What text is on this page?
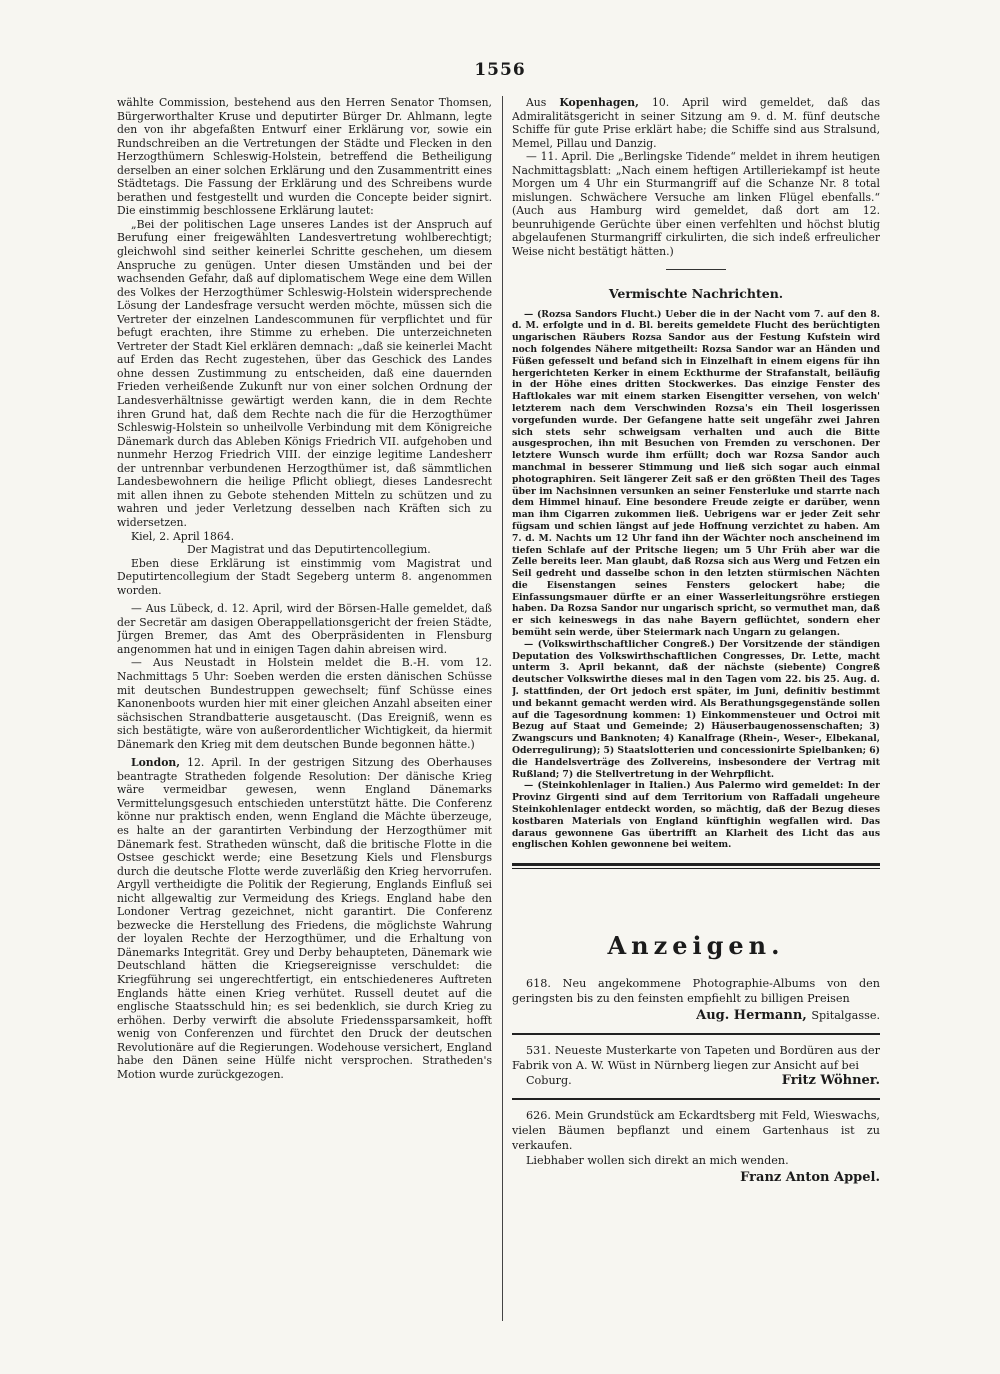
1556

wählte Commission, bestehend aus den Herren Senator Thomsen, Bürgerworthalter Kruse und deputirter Bürger Dr. Ahlmann, legte den von ihr abgefaßten Entwurf einer Erklärung vor, sowie ein Rundschreiben an die Vertretungen der Städte und Flecken in den Herzogthümern Schleswig-Holstein, betreffend die Betheiligung derselben an einer solchen Erklärung und den Zusammentritt eines Städtetags. Die Fassung der Erklärung und des Schreibens wurde berathen und festgestellt und wurden die Concepte beider signirt. Die einstimmig beschlossene Erklärung lautet:

„Bei der politischen Lage unseres Landes ist der Anspruch auf Berufung einer freigewählten Landesvertretung wohlberechtigt; gleichwohl sind seither keinerlei Schritte geschehen, um diesem Anspruche zu genügen. Unter diesen Umständen und bei der wachsenden Gefahr, daß auf diplomatischem Wege eine dem Willen des Volkes der Herzogthümer Schleswig-Holstein widersprechende Lösung der Landesfrage versucht werden möchte, müssen sich die Vertreter der einzelnen Landescommunen für verpflichtet und für befugt erachten, ihre Stimme zu erheben. Die unterzeichneten Vertreter der Stadt Kiel erklären demnach: „daß sie keinerlei Macht auf Erden das Recht zugestehen, über das Geschick des Landes ohne dessen Zustimmung zu entscheiden, daß eine dauernden Frieden verheißende Zukunft nur von einer solchen Ordnung der Landesverhältnisse gewärtigt werden kann, die in dem Rechte ihren Grund hat, daß dem Rechte nach die für die Herzogthümer Schleswig-Holstein so unheilvolle Verbindung mit dem Königreiche Dänemark durch das Ableben Königs Friedrich VII. aufgehoben und nunmehr Herzog Friedrich VIII. der einzige legitime Landesherr der untrennbar verbundenen Herzogthümer ist, daß sämmtlichen Landesbewohnern die heilige Pflicht obliegt, dieses Landesrecht mit allen ihnen zu Gebote stehenden Mitteln zu schützen und zu wahren und jeder Verletzung desselben nach Kräften sich zu widersetzen.

Kiel, 2. April 1864.

Der Magistrat und das Deputirtencollegium.

Eben diese Erklärung ist einstimmig vom Magistrat und Deputirtencollegium der Stadt Segeberg unterm 8. angenommen worden.

— Aus Lübeck, d. 12. April, wird der Börsen-Halle gemeldet, daß der Secretär am dasigen Oberappellationsgericht der freien Städte, Jürgen Bremer, das Amt des Oberpräsidenten in Flensburg angenommen hat und in einigen Tagen dahin abreisen wird.

— Aus Neustadt in Holstein meldet die B.-H. vom 12. Nachmittags 5 Uhr: Soeben werden die ersten dänischen Schüsse mit deutschen Bundestruppen gewechselt; fünf Schüsse eines Kanonenboots wurden hier mit einer gleichen Anzahl abseiten einer sächsischen Strandbatterie ausgetauscht. (Das Ereigniß, wenn es sich bestätigte, wäre von außerordentlicher Wichtigkeit, da hiermit Dänemark den Krieg mit dem deutschen Bunde begonnen hätte.)

London, 12. April. In der gestrigen Sitzung des Oberhauses beantragte Stratheden folgende Resolution: Der dänische Krieg wäre vermeidbar gewesen, wenn England Dänemarks Vermittelungsgesuch entschieden unterstützt hätte. Die Conferenz könne nur praktisch enden, wenn England die Mächte überzeuge, es halte an der garantirten Verbindung der Herzogthümer mit Dänemark fest. Stratheden wünscht, daß die britische Flotte in die Ostsee geschickt werde; eine Besetzung Kiels und Flensburgs durch die deutsche Flotte werde zuverläßig den Krieg hervorrufen. Argyll vertheidigte die Politik der Regierung, Englands Einfluß sei nicht allgewaltig zur Vermeidung des Kriegs. England habe den Londoner Vertrag gezeichnet, nicht garantirt. Die Conferenz bezwecke die Herstellung des Friedens, die möglichste Wahrung der loyalen Rechte der Herzogthümer, und die Erhaltung von Dänemarks Integrität. Grey und Derby behaupteten, Dänemark wie Deutschland hätten die Kriegsereignisse verschuldet: die Kriegführung sei ungerechtfertigt, ein entschiedeneres Auftreten Englands hätte einen Krieg verhütet. Russell deutet auf die englische Staatsschuld hin; es sei bedenklich, sie durch Krieg zu erhöhen. Derby verwirft die absolute Friedenssparsamkeit, hofft wenig von Conferenzen und fürchtet den Druck der deutschen Revolutionäre auf die Regierungen. Wodehouse versichert, England habe den Dänen seine Hülfe nicht versprochen. Stratheden's Motion wurde zurückgezogen.

Aus Kopenhagen, 10. April wird gemeldet, daß das Admiralitätsgericht in seiner Sitzung am 9. d. M. fünf deutsche Schiffe für gute Prise erklärt habe; die Schiffe sind aus Stralsund, Memel, Pillau und Danzig.

— 11. April. Die „Berlingske Tidende“ meldet in ihrem heutigen Nachmittagsblatt: „Nach einem heftigen Artilleriekampf ist heute Morgen um 4 Uhr ein Sturmangriff auf die Schanze Nr. 8 total mislungen. Schwächere Versuche am linken Flügel ebenfalls.“ (Auch aus Hamburg wird gemeldet, daß dort am 12. beunruhigende Gerüchte über einen verfehlten und höchst blutig abgelaufenen Sturmangriff cirkulirten, die sich indeß erfreulicher Weise nicht bestätigt hätten.)

Vermischte Nachrichten.

— (Rozsa Sandors Flucht.) Ueber die in der Nacht vom 7. auf den 8. d. M. erfolgte und in d. Bl. bereits gemeldete Flucht des berüchtigten ungarischen Räubers Rozsa Sandor aus der Festung Kufstein wird noch folgendes Nähere mitgetheilt: Rozsa Sandor war an Händen und Füßen gefesselt und befand sich in Einzelhaft in einem eigens für ihn hergerichteten Kerker in einem Eckthurme der Strafanstalt, beiläufig in der Höhe eines dritten Stockwerkes. Das einzige Fenster des Haftlokales war mit einem starken Eisengitter versehen, von welch' letzterem nach dem Verschwinden Rozsa's ein Theil losgerissen vorgefunden wurde. Der Gefangene hatte seit ungefähr zwei Jahren sich stets sehr schweigsam verhalten und auch die Bitte ausgesprochen, ihn mit Besuchen von Fremden zu verschonen. Der letztere Wunsch wurde ihm erfüllt; doch war Rozsa Sandor auch manchmal in besserer Stimmung und ließ sich sogar auch einmal photographiren. Seit längerer Zeit saß er den größten Theil des Tages über im Nachsinnen versunken an seiner Fensterluke und starrte nach dem Himmel hinauf. Eine besondere Freude zeigte er darüber, wenn man ihm Cigarren zukommen ließ. Uebrigens war er jeder Zeit sehr fügsam und schien längst auf jede Hoffnung verzichtet zu haben. Am 7. d. M. Nachts um 12 Uhr fand ihn der Wächter noch anscheinend im tiefen Schlafe auf der Pritsche liegen; um 5 Uhr Früh aber war die Zelle bereits leer. Man glaubt, daß Rozsa sich aus Werg und Fetzen ein Seil gedreht und dasselbe schon in den letzten stürmischen Nächten die Eisenstangen seines Fensters gelockert habe; die Einfassungsmauer dürfte er an einer Wasserleitungsröhre erstiegen haben. Da Rozsa Sandor nur ungarisch spricht, so vermuthet man, daß er sich keineswegs in das nahe Bayern geflüchtet, sondern eher bemüht sein werde, über Steiermark nach Ungarn zu gelangen.

— (Volkswirthschaftlicher Congreß.) Der Vorsitzende der ständigen Deputation des Volkswirthschaftlichen Congresses, Dr. Lette, macht unterm 3. April bekannt, daß der nächste (siebente) Congreß deutscher Volkswirthe dieses mal in den Tagen vom 22. bis 25. Aug. d. J. stattfinden, der Ort jedoch erst später, im Juni, definitiv bestimmt und bekannt gemacht werden wird. Als Berathungsgegenstände sollen auf die Tagesordnung kommen: 1) Einkommensteuer und Octroi mit Bezug auf Staat und Gemeinde; 2) Häuserbaugenossenschaften; 3) Zwangscurs und Banknoten; 4) Kanalfrage (Rhein-, Weser-, Elbekanal, Oderregulirung); 5) Staatslotterien und concessionirte Spielbanken; 6) die Handelsverträge des Zollvereins, insbesondere der Vertrag mit Rußland; 7) die Stellvertretung in der Wehrpflicht.

— (Steinkohlenlager in Italien.) Aus Palermo wird gemeldet: In der Provinz Girgenti sind auf dem Territorium von Raffadali ungeheure Steinkohlenlager entdeckt worden, so mächtig, daß der Bezug dieses kostbaren Materials von England künftighin wegfallen wird. Das daraus gewonnene Gas übertrifft an Klarheit des Licht das aus englischen Kohlen gewonnene bei weitem.

Anzeigen.

618. Neu angekommene Photographie-Albums von den geringsten bis zu den feinsten empfiehlt zu billigen Preisen

Aug. Hermann, Spitalgasse.

531. Neueste Musterkarte von Tapeten und Bordüren aus der Fabrik von A. W. Wüst in Nürnberg liegen zur Ansicht auf bei

Coburg.	Fritz Wöhner.

626. Mein Grundstück am Eckardtsberg mit Feld, Wieswachs, vielen Bäumen bepflanzt und einem Gartenhaus ist zu verkaufen.

Liebhaber wollen sich direkt an mich wenden.

Franz Anton Appel.
